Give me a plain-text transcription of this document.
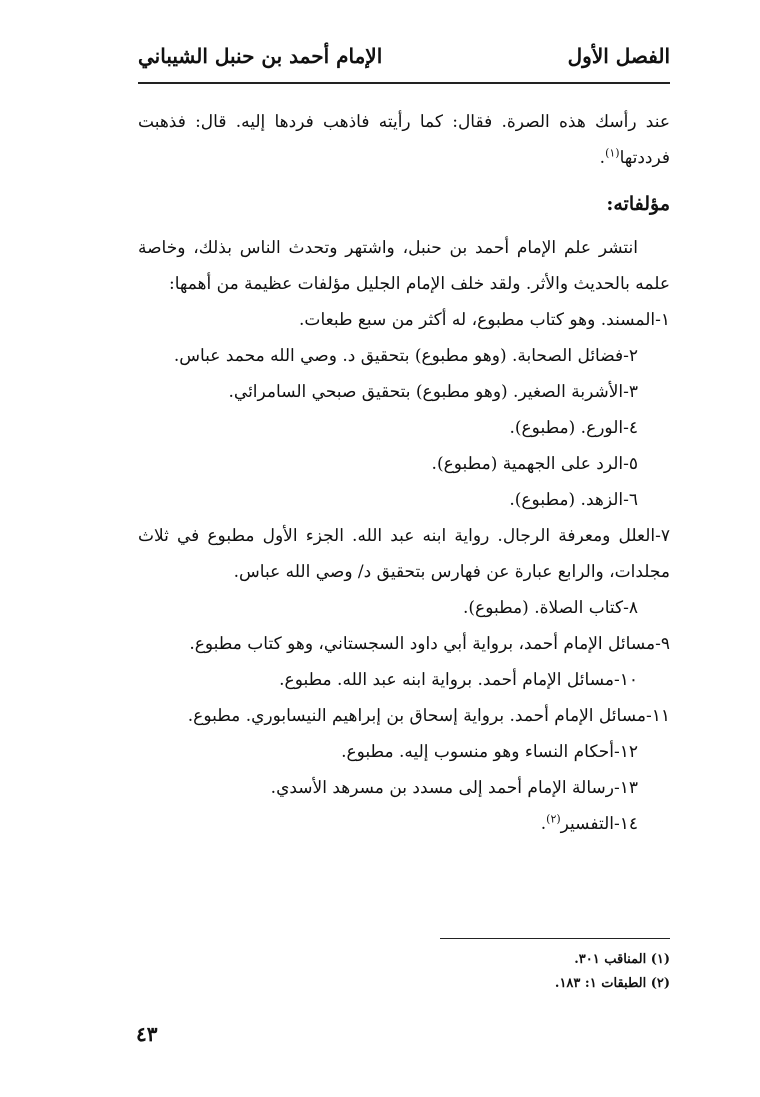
الفصل الأول
الإمام أحمد بن حنبل الشيباني

عند رأسك هذه الصرة. فقال: كما رأيته فاذهب فردها إليه. قال: فذهبت فرددتها$^{(١)}$.

مؤلفاته:

انتشر علم الإمام أحمد بن حنبل، واشتهر وتحدث الناس بذلك، وخاصة علمه بالحديث والأثر. ولقد خلف الإمام الجليل مؤلفات عظيمة من أهمها:

١-المسند. وهو كتاب مطبوع، له أكثر من سبع طبعات.

٢-فضائل الصحابة. (وهو مطبوع) بتحقيق د. وصي الله محمد عباس.

٣-الأشربة الصغير. (وهو مطبوع) بتحقيق صبحي السامرائي.

٤-الورع. (مطبوع).

٥-الرد على الجهمية (مطبوع).

٦-الزهد. (مطبوع).

٧-العلل ومعرفة الرجال. رواية ابنه عبد الله. الجزء الأول مطبوع في ثلاث مجلدات، والرابع عبارة عن فهارس بتحقيق د/ وصي الله عباس.

٨-كتاب الصلاة. (مطبوع).

٩-مسائل الإمام أحمد، برواية أبي داود السجستاني، وهو كتاب مطبوع.

١٠-مسائل الإمام أحمد. برواية ابنه عبد الله. مطبوع.

١١-مسائل الإمام أحمد. برواية إسحاق بن إبراهيم النيسابوري. مطبوع.

١٢-أحكام النساء وهو منسوب إليه. مطبوع.

١٣-رسالة الإمام أحمد إلى مسدد بن مسرهد الأسدي.

١٤-التفسير$^{(٢)}$.

(١) المناقب ٣٠١.
(٢) الطبقات ١: ١٨٣.
٤٣
